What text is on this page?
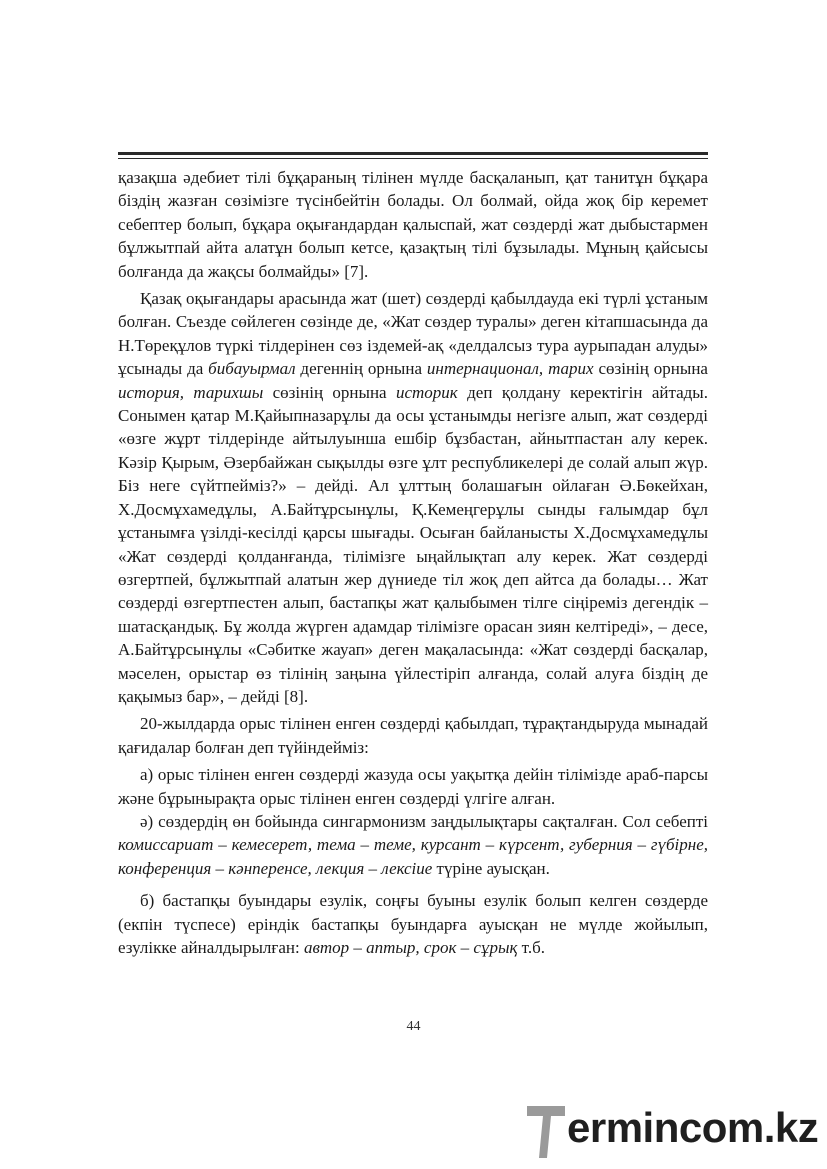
қазақша әдебиет тілі бұқараның тілінен мүлде басқаланып, қат танитұн бұқара біздің жазған сөзімізге түсінбейтін болады. Ол болмай, ойда жоқ бір керемет себептер болып, бұқара оқығандардан қалыспай, жат сөздерді жат дыбыстармен бұлжытпай айта алатұн болып кетсе, қазақтың тілі бұзылады. Мұның қайсысы болғанда да жақсы болмайды» [7].

Қазақ оқығандары арасында жат (шет) сөздерді қабылдауда екі түрлі ұстаным болған. Съезде сөйлеген сөзінде де, «Жат сөздер туралы» деген кітапшасында да Н.Төреқұлов түркі тілдерінен сөз іздемей-ақ «делдалсыз тура аурыпадан алуды» ұсынады да бибауырмал дегеннің орнына интернационал, тарих сөзінің орнына история, тарихшы сөзінің орнына историк деп қолдану керектігін айтады. Сонымен қатар М.Қайыпназарұлы да осы ұстанымды негізге алып, жат сөздерді «өзге жұрт тілдерінде айтылуынша ешбір бұзбастан, айнытпастан алу керек. Кәзір Қырым, Әзербайжан сықылды өзге ұлт республикелері де солай алып жүр. Біз неге сүйтпейміз?» – дейді. Ал ұлттың болашағын ойлаған Ә.Бөкейхан, Х.Досмұхамедұлы, А.Байтұрсынұлы, Қ.Кемеңгерұлы сынды ғалымдар бұл ұстанымға үзілді-кесілді қарсы шығады. Осыған байланысты Х.Досмұхамедұлы «Жат сөздерді қолданғанда, тілімізге ыңайлықтап алу керек. Жат сөздерді өзгертпей, бұлжытпай алатын жер дүниеде тіл жоқ деп айтса да болады… Жат сөздерді өзгертпестен алып, бастапқы жат қалыбымен тілге сіңіреміз дегендік – шатасқандық. Бұ жолда жүрген адамдар тілімізге орасан зиян келтіреді», – десе, А.Байтұрсынұлы «Сәбитке жауап» деген мақаласында: «Жат сөздерді басқалар, мәселен, орыстар өз тілінің заңына үйлестіріп алғанда, солай алуға біздің де қақымыз бар», – дейді [8].

20-жылдарда орыс тілінен енген сөздерді қабылдап, тұрақтандыруда мынадай қағидалар болған деп түйіндейміз:

а) орыс тілінен енген сөздерді жазуда осы уақытқа дейін тілімізде араб-парсы және бұрынырақта орыс тілінен енген сөздерді үлгіге алған.

ә) сөздердің өн бойында сингармонизм заңдылықтары сақталған. Сол себепті комиссариат – кемесерет, тема – теме, курсант – күрсент, губерния – гүбірне, конференция – кәнперенсе, лекция – лексіие түріне ауысқан.

б) бастапқы буындары езулік, соңғы буыны езулік болып келген сөздерде (екпін түспесе) еріндік бастапқы буындарға ауысқан не мүлде жойылып, езулікке айналдырылған: автор – аптыр, срок – сұрық т.б.

44
T
ermincom.kz
